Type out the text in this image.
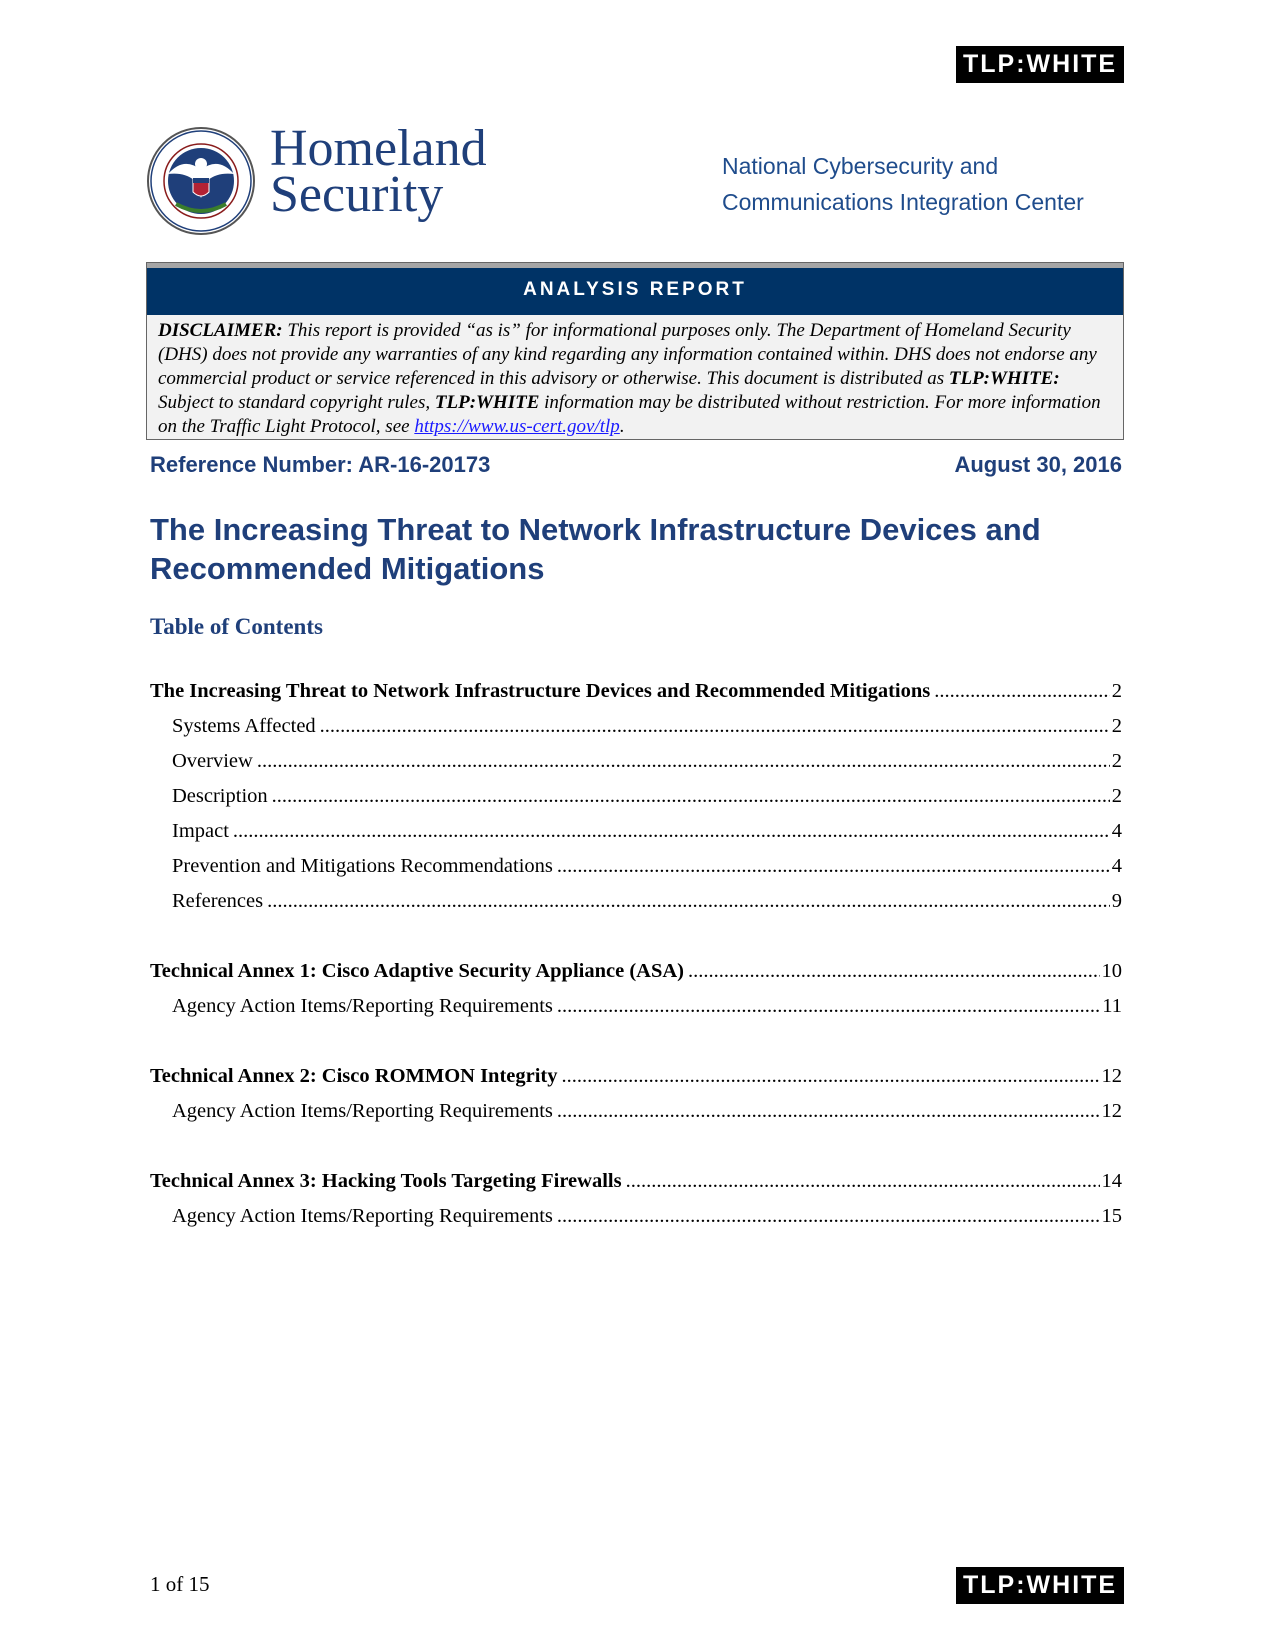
TLP:WHITE
Homeland
Security	National Cybersecurity and
Communications Integration Center
ANALYSIS REPORT
DISCLAIMER: This report is provided “as is” for informational purposes only. The Department of Homeland Security (DHS) does not provide any warranties of any kind regarding any information contained within. DHS does not endorse any commercial product or service referenced in this advisory or otherwise. This document is distributed as TLP:WHITE: Subject to standard copyright rules, TLP:WHITE information may be distributed without restriction. For more information on the Traffic Light Protocol, see https://www.us-cert.gov/tlp.
Reference Number: AR-16-20173	August 30, 2016
The Increasing Threat to Network Infrastructure Devices and Recommended Mitigations
Table of Contents
The Increasing Threat to Network Infrastructure Devices and Recommended Mitigations .....	2
Systems Affected .....	2
Overview .....	2
Description .....	2
Impact .....	4
Prevention and Mitigations Recommendations .....	4
References .....	9
Technical Annex 1: Cisco Adaptive Security Appliance (ASA) .....	10
Agency Action Items/Reporting Requirements .....	11
Technical Annex 2: Cisco ROMMON Integrity .....	12
Agency Action Items/Reporting Requirements .....	12
Technical Annex 3: Hacking Tools Targeting Firewalls .....	14
Agency Action Items/Reporting Requirements .....	15
1 of 15	TLP:WHITE
